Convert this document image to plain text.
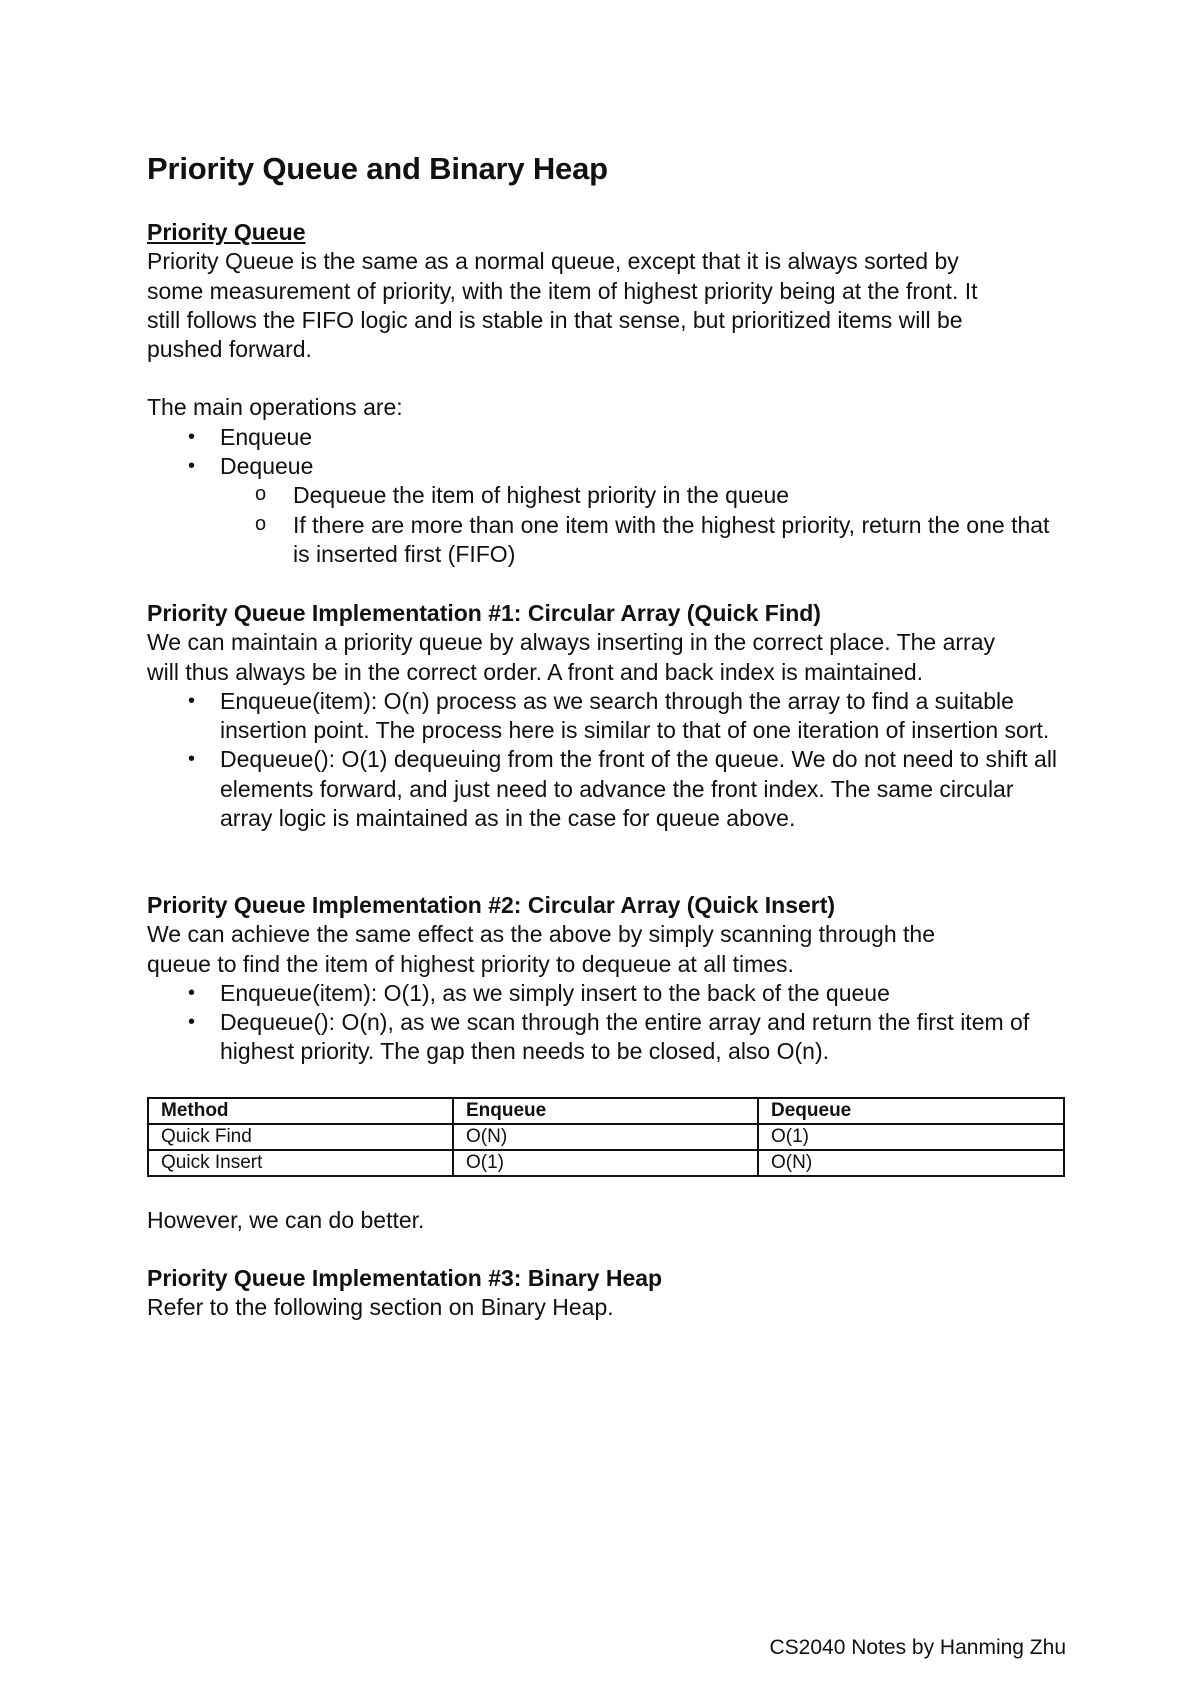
Priority Queue and Binary Heap

Priority Queue

Priority Queue is the same as a normal queue, except that it is always sorted by

some measurement of priority, with the item of highest priority being at the front. It

still follows the FIFO logic and is stable in that sense, but prioritized items will be

pushed forward.

The main operations are:

• Enqueue
• Dequeue
o Dequeue the item of highest priority in the queue
o If there are more than one item with the highest priority, return the one that is inserted first (FIFO)

Priority Queue Implementation #1: Circular Array (Quick Find)

We can maintain a priority queue by always inserting in the correct place. The array

will thus always be in the correct order. A front and back index is maintained.

• Enqueue(item): O(n) process as we search through the array to find a suitable insertion point. The process here is similar to that of one iteration of insertion sort.
• Dequeue(): O(1) dequeuing from the front of the queue. We do not need to shift all elements forward, and just need to advance the front index. The same circular array logic is maintained as in the case for queue above.

Priority Queue Implementation #2: Circular Array (Quick Insert)

We can achieve the same effect as the above by simply scanning through the

queue to find the item of highest priority to dequeue at all times.

• Enqueue(item): O(1), as we simply insert to the back of the queue
• Dequeue(): O(n), as we scan through the entire array and return the first item of highest priority. The gap then needs to be closed, also O(n).
Method	Enqueue	Dequeue
Quick Find	O(N)	O(1)
Quick Insert	O(1)	O(N)

However, we can do better.

Priority Queue Implementation #3: Binary Heap

Refer to the following section on Binary Heap.

CS2040 Notes by Hanming Zhu
